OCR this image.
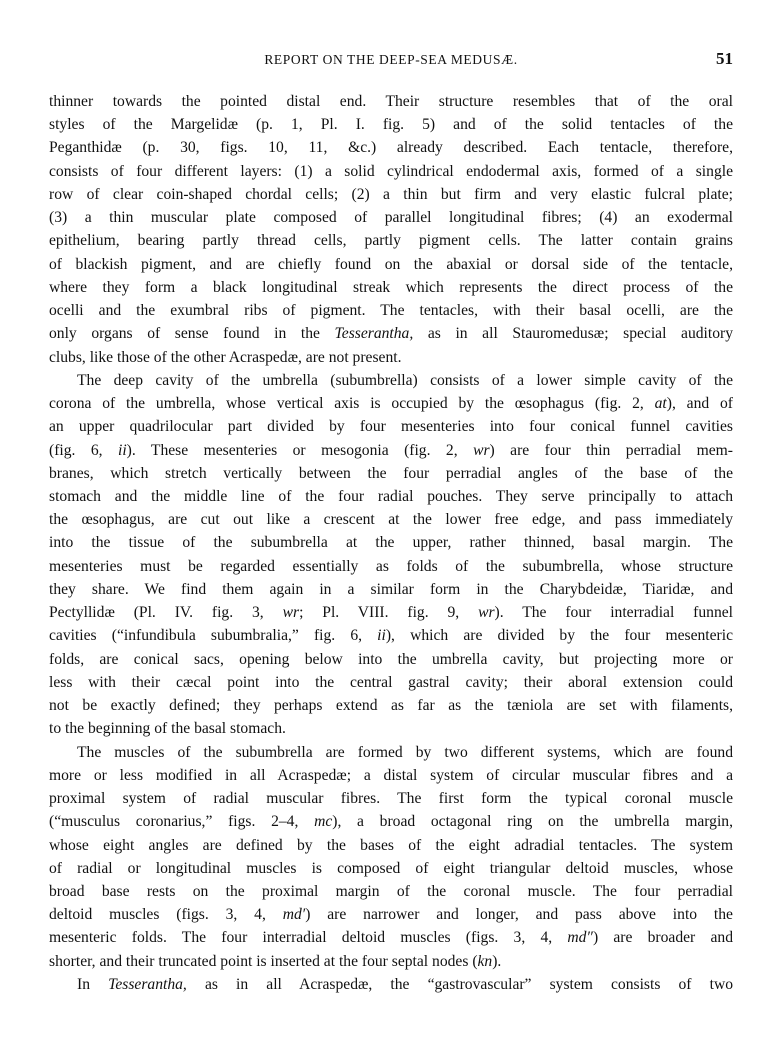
REPORT ON THE DEEP-SEA MEDUSÆ.	51
thinner towards the pointed distal end. Their structure resembles that of the oral
styles of the Margelidæ (p. 1, Pl. I. fig. 5) and of the solid tentacles of the
Peganthidæ (p. 30, figs. 10, 11, &c.) already described. Each tentacle, therefore,
consists of four different layers: (1) a solid cylindrical endodermal axis, formed of a single
row of clear coin-shaped chordal cells; (2) a thin but firm and very elastic fulcral plate;
(3) a thin muscular plate composed of parallel longitudinal fibres; (4) an exodermal
epithelium, bearing partly thread cells, partly pigment cells. The latter contain grains
of blackish pigment, and are chiefly found on the abaxial or dorsal side of the tentacle,
where they form a black longitudinal streak which represents the direct process of the
ocelli and the exumbral ribs of pigment. The tentacles, with their basal ocelli, are the
only organs of sense found in the Tesserantha, as in all Stauromedusæ; special auditory
clubs, like those of the other Acraspedæ, are not present.
The deep cavity of the umbrella (subumbrella) consists of a lower simple cavity of the
corona of the umbrella, whose vertical axis is occupied by the œsophagus (fig. 2, at), and of
an upper quadrilocular part divided by four mesenteries into four conical funnel cavities
(fig. 6, ii). These mesenteries or mesogonia (fig. 2, wr) are four thin perradial mem-
branes, which stretch vertically between the four perradial angles of the base of the
stomach and the middle line of the four radial pouches. They serve principally to attach
the œsophagus, are cut out like a crescent at the lower free edge, and pass immediately
into the tissue of the subumbrella at the upper, rather thinned, basal margin. The
mesenteries must be regarded essentially as folds of the subumbrella, whose structure
they share. We find them again in a similar form in the Charybdeidæ, Tiaridæ, and
Pectyllidæ (Pl. IV. fig. 3, wr; Pl. VIII. fig. 9, wr). The four interradial funnel
cavities (“infundibula subumbralia,” fig. 6, ii), which are divided by the four mesenteric
folds, are conical sacs, opening below into the umbrella cavity, but projecting more or
less with their cæcal point into the central gastral cavity; their aboral extension could
not be exactly defined; they perhaps extend as far as the tæniola are set with filaments,
to the beginning of the basal stomach.
The muscles of the subumbrella are formed by two different systems, which are found
more or less modified in all Acraspedæ; a distal system of circular muscular fibres and a
proximal system of radial muscular fibres. The first form the typical coronal muscle
(“musculus coronarius,” figs. 2–4, mc), a broad octagonal ring on the umbrella margin,
whose eight angles are defined by the bases of the eight adradial tentacles. The system
of radial or longitudinal muscles is composed of eight triangular deltoid muscles, whose
broad base rests on the proximal margin of the coronal muscle. The four perradial
deltoid muscles (figs. 3, 4, md′) are narrower and longer, and pass above into the
mesenteric folds. The four interradial deltoid muscles (figs. 3, 4, md″) are broader and
shorter, and their truncated point is inserted at the four septal nodes (kn).
In Tesserantha, as in all Acraspedæ, the “gastrovascular” system consists of two
